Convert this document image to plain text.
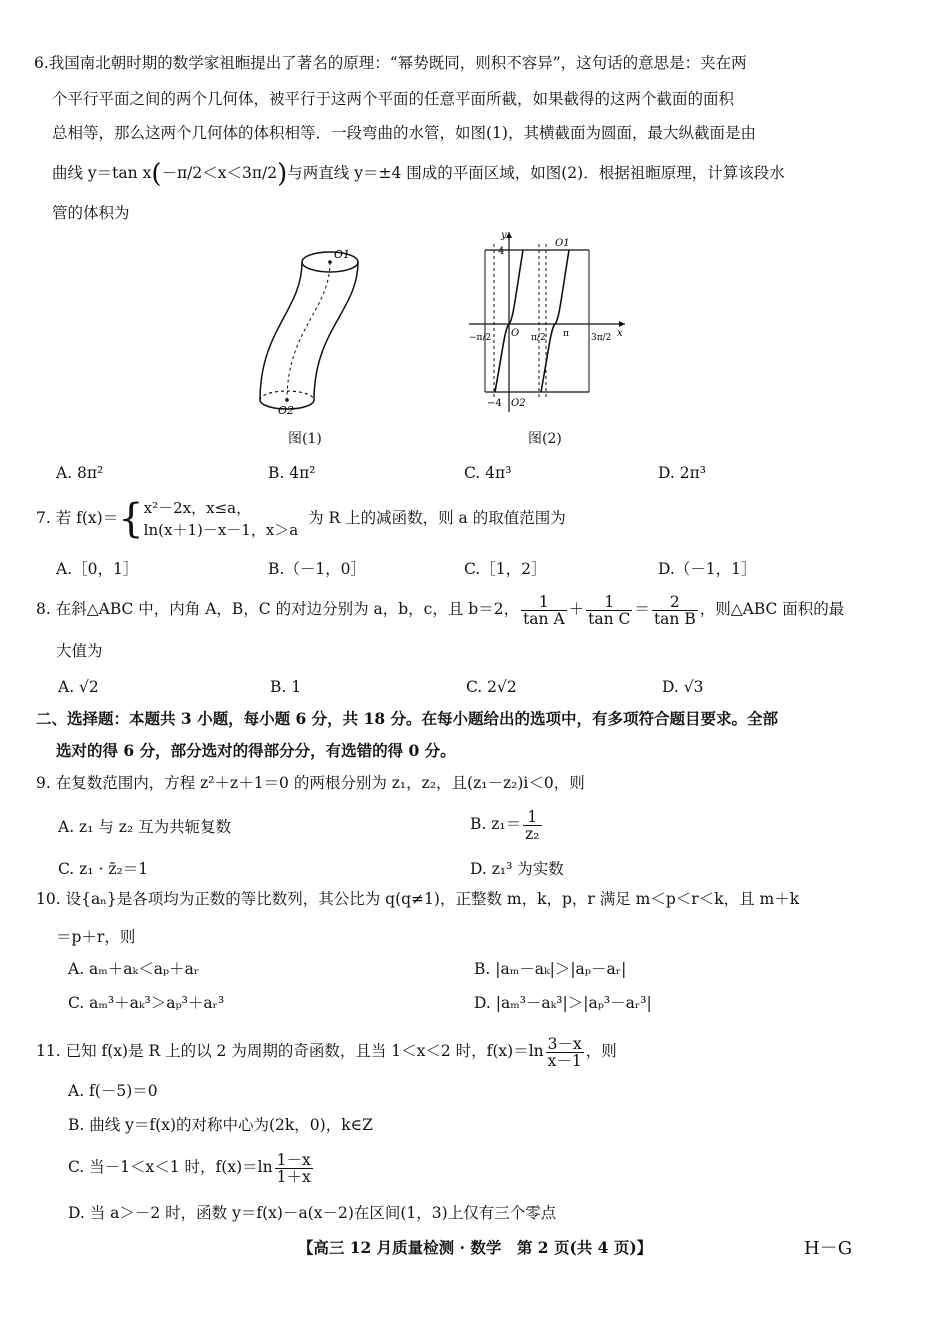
6.我国南北朝时期的数学家祖暅提出了著名的原理：“幂势既同，则积不容异”，这句话的意思是：夹在两
个平行平面之间的两个几何体，被平行于这两个平面的任意平面所截，如果截得的这两个截面的面积
总相等，那么这两个几何体的体积相等．一段弯曲的水管，如图(1)，其横截面为圆面，最大纵截面是由
曲线 y＝tan x(－π/2＜x＜3π/2)与两直线 y＝±4 围成的平面区域，如图(2)．根据祖暅原理，计算该段水
管的体积为
O1
O2
图(1)
y
x
4
−4
O
O1
O2
−π/2	π/2 π 3π/2
图(2)
A. 8π²	B. 4π²	C. 4π³	D. 2π³
7. 若 f(x)＝{ x²－2x，x≤a，
ln(x＋1)－x－1，x＞a
为 R 上的减函数，则 a 的取值范围为
A.［0，1］	B.（－1，0］	C.［1，2］	D.（－1，1］
8. 在斜△ABC 中，内角 A，B，C 的对边分别为 a，b，c，且 b＝2， $\frac{1}{\text{tan A}} + \frac{1}{\text{tan C}} = \frac{2}{\text{tan B}}$ ，则△ABC 面积的最
大值为
A. √2	B. 1	C. 2√2	D. √3
二、选择题：本题共 3 小题，每小题 6 分，共 18 分。在每小题给出的选项中，有多项符合题目要求。全部
选对的得 6 分，部分选对的得部分分，有选错的得 0 分。
9. 在复数范围内，方程 z²＋z＋1＝0 的两根分别为 z₁，z₂，且(z₁－z₂)i＜0，则
A. z₁ 与 z₂ 互为共轭复数	B. $z_1= \frac{1}{\text{z₂}}$
C. z₁ · z̄₂＝1	D. z₁³ 为实数
10. 设{aₙ}是各项均为正数的等比数列，其公比为 q(q≠1)，正整数 m，k，p，r 满足 m＜p＜r＜k，且 m＋k
＝p＋r，则
A. aₘ＋aₖ＜aₚ＋aᵣ	B. |aₘ－aₖ|＞|aₚ－aᵣ|
C. aₘ³＋aₖ³＞aₚ³＋aᵣ³	D. |aₘ³－aₖ³|＞|aₚ³－aᵣ³|
11. 已知 f(x)是 R 上的以 2 为周期的奇函数，且当 1＜x＜2 时，$f(x)=\ln \frac{3-x}{x-1}$ ，则
A. f(－5)＝0
B. 曲线 y＝f(x)的对称中心为(2k，0)，k∈Z
C. 当－1＜x＜1 时，$f(x)=\ln \frac{1-x}{1+x}$
D. 当 a＞－2 时，函数 y＝f(x)－a(x－2)在区间(1，3)上仅有三个零点
【高三 12 月质量检测 · 数学　第 2 页(共 4 页)】	H－G
